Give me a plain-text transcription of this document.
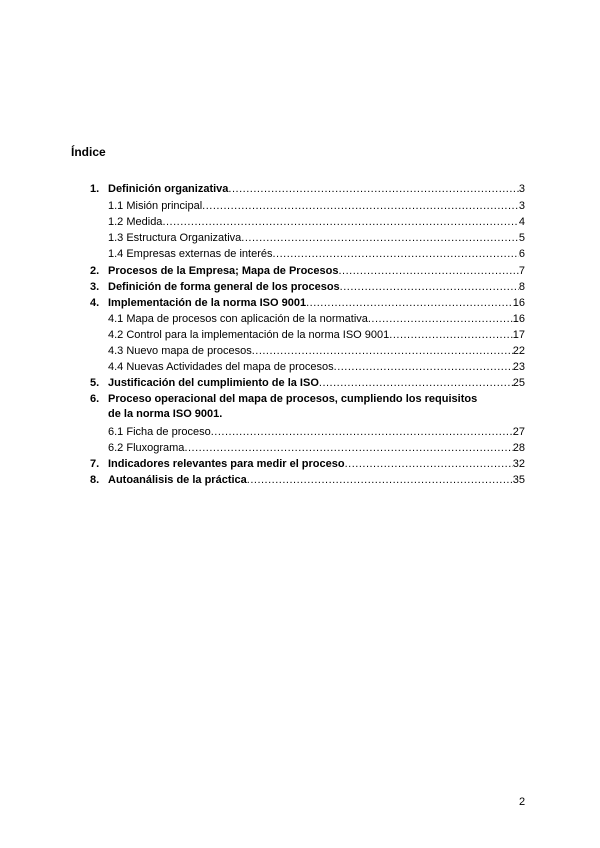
Índice
1. Definición organizativa .....	3
1.1 Misión principal .....	3
1.2 Medida .....	4
1.3 Estructura Organizativa .....	5
1.4 Empresas externas de interés .....	6
2. Procesos de la Empresa; Mapa de Procesos .....	7
3. Definición de forma general de los procesos .....	8
4. Implementación de la norma ISO 9001 .....	16
4.1 Mapa de procesos con aplicación de la normativa .....	16
4.2 Control para la implementación de la norma ISO 9001 .....	17
4.3 Nuevo mapa de procesos .....	22
4.4 Nuevas Actividades del mapa de procesos .....	23
5. Justificación del cumplimiento de la ISO .....	25
6. Proceso operacional del mapa de procesos, cumpliendo los requisitos
de la norma ISO 9001.
6.1 Ficha de proceso .....	27
6.2 Fluxograma .....	28
7. Indicadores relevantes para medir el proceso .....	32
8. Autoanálisis de la práctica .....	35
2
